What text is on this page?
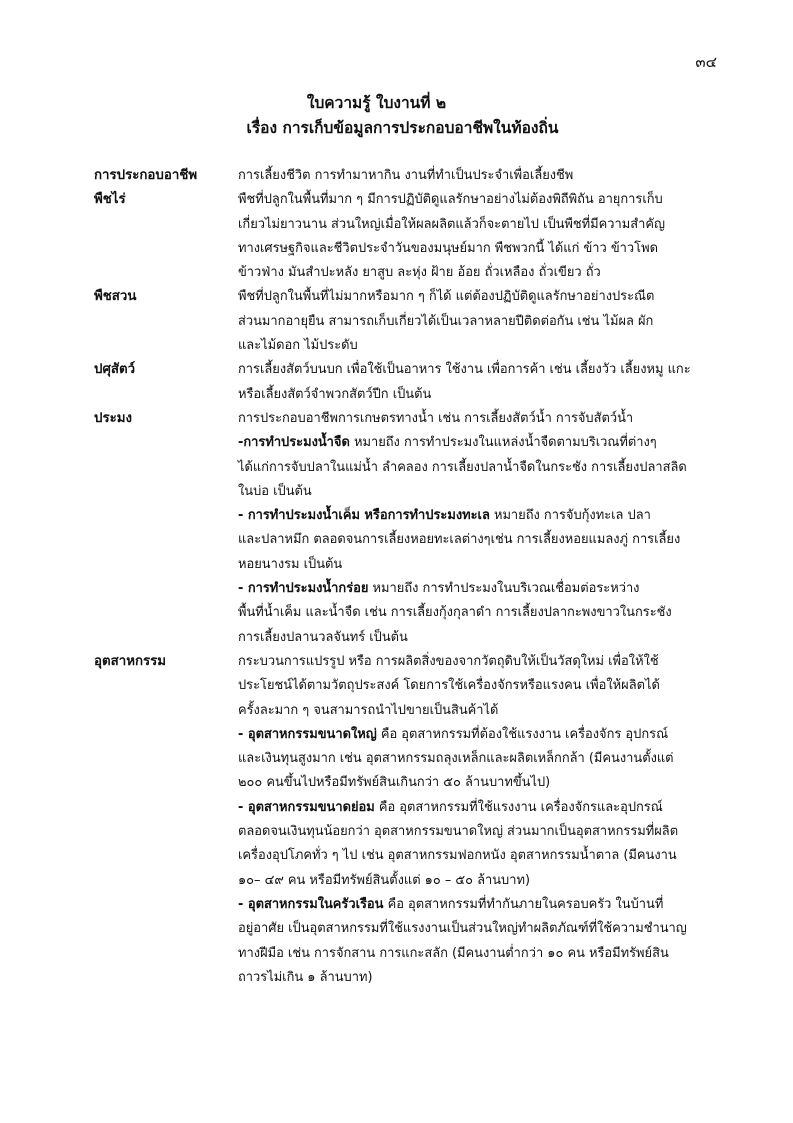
๓๔
ใบความรู้ ใบงานที่ ๒
เรื่อง การเก็บข้อมูลการประกอบอาชีพในท้องถิ่น
การประกอบอาชีพ	การเลี้ยงชีวิต การทำมาหากิน งานที่ทำเป็นประจำเพื่อเลี้ยงชีพ
พืชไร่	พืชที่ปลูกในพื้นที่มาก ๆ มีการปฏิบัติดูแลรักษาอย่างไม่ต้องพิถีพิถัน อายุการเก็บ
เกี่ยวไม่ยาวนาน ส่วนใหญ่เมื่อให้ผลผลิตแล้วก็จะตายไป เป็นพืชที่มีความสำคัญ
ทางเศรษฐกิจและชีวิตประจำวันของมนุษย์มาก พืชพวกนี้ ได้แก่ ข้าว ข้าวโพด
ข้าวฟ่าง มันสำปะหลัง ยาสูบ ละหุ่ง ฝ้าย อ้อย ถั่วเหลือง ถั่วเขียว ถั่ว
พืชสวน	พืชที่ปลูกในพื้นที่ไม่มากหรือมาก ๆ ก็ได้ แต่ต้องปฏิบัติดูแลรักษาอย่างประณีต
ส่วนมากอายุยืน สามารถเก็บเกี่ยวได้เป็นเวลาหลายปีติดต่อกัน เช่น ไม้ผล ผัก
และไม้ดอก ไม้ประดับ
ปศุสัตว์	การเลี้ยงสัตว์บนบก เพื่อใช้เป็นอาหาร ใช้งาน เพื่อการค้า เช่น เลี้ยงวัว เลี้ยงหมู แกะ
หรือเลี้ยงสัตว์จำพวกสัตว์ปีก เป็นต้น
ประมง	การประกอบอาชีพการเกษตรทางน้ำ เช่น การเลี้ยงสัตว์น้ำ การจับสัตว์น้ำ
-การทำประมงน้ำจืด หมายถึง การทำประมงในแหล่งน้ำจืดตามบริเวณที่ต่างๆ
ได้แก่การจับปลาในแม่น้ำ ลำคลอง การเลี้ยงปลาน้ำจืดในกระชัง การเลี้ยงปลาสลิด
ในบ่อ เป็นต้น
- การทำประมงน้ำเค็ม หรือการทำประมงทะเล หมายถึง การจับกุ้งทะเล ปลา
และปลาหมึก ตลอดจนการเลี้ยงหอยทะเลต่างๆเช่น การเลี้ยงหอยแมลงภู่ การเลี้ยง
หอยนางรม เป็นต้น
- การทำประมงน้ำกร่อย หมายถึง การทำประมงในบริเวณเชื่อมต่อระหว่าง
พื้นที่น้ำเค็ม และน้ำจืด เช่น การเลี้ยงกุ้งกุลาดำ การเลี้ยงปลากะพงขาวในกระชัง
การเลี้ยงปลานวลจันทร์ เป็นต้น
อุตสาหกรรม	กระบวนการแปรรูป หรือ การผลิตสิ่งของจากวัตถุดิบให้เป็นวัสดุใหม่ เพื่อให้ใช้
ประโยชน์ได้ตามวัตถุประสงค์ โดยการใช้เครื่องจักรหรือแรงคน เพื่อให้ผลิตได้
ครั้งละมาก ๆ จนสามารถนำไปขายเป็นสินค้าได้
- อุตสาหกรรมขนาดใหญ่ คือ อุตสาหกรรมที่ต้องใช้แรงงาน เครื่องจักร อุปกรณ์
และเงินทุนสูงมาก เช่น อุตสาหกรรมถลุงเหล็กและผลิตเหล็กกล้า (มีคนงานตั้งแต่
๒๐๐ คนขึ้นไปหรือมีทรัพย์สินเกินกว่า ๕๐ ล้านบาทขึ้นไป)
- อุตสาหกรรมขนาดย่อม คือ อุตสาหกรรมที่ใช้แรงงาน เครื่องจักรและอุปกรณ์
ตลอดจนเงินทุนน้อยกว่า อุตสาหกรรมขนาดใหญ่ ส่วนมากเป็นอุตสาหกรรมที่ผลิต
เครื่องอุปโภคทั่ว ๆ ไป เช่น อุตสาหกรรมฟอกหนัง อุตสาหกรรมน้ำตาล (มีคนงาน
๑๐– ๔๙ คน หรือมีทรัพย์สินตั้งแต่ ๑๐ – ๕๐ ล้านบาท)
- อุตสาหกรรมในครัวเรือน คือ อุตสาหกรรมที่ทำกันภายในครอบครัว ในบ้านที่
อยู่อาศัย เป็นอุตสาหกรรมที่ใช้แรงงานเป็นส่วนใหญ่ทำผลิตภัณฑ์ที่ใช้ความชำนาญ
ทางฝีมือ เช่น การจักสาน การแกะสลัก (มีคนงานต่ำกว่า ๑๐ คน หรือมีทรัพย์สิน
ถาวรไม่เกิน ๑ ล้านบาท)
